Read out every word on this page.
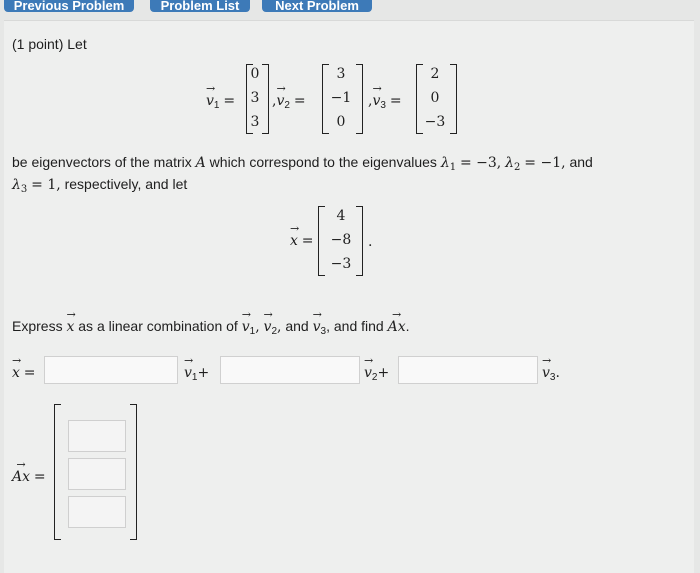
Previous Problem	Problem List	Next Problem
(1 point) Let
→ $v_1$ =
0
3
3
,→ $v_2$ =
3
−1
0
,→ $v_3$ =
2
0
−3
be eigenvectors of the matrix A which correspond to the eigenvalues $\lambda_1 = -3$, $\lambda_2 = -1$, and
$\lambda_3 = 1$, respectively, and let
→ x =
4
−8
−3
.
Express → x as a linear combination of → $v_1$, → $v_2$, and → $v_3$, and find → Ax.
→ x =	→ $v_1+$	→ $v_2+$	→ $v_3$.
→ Ax =
